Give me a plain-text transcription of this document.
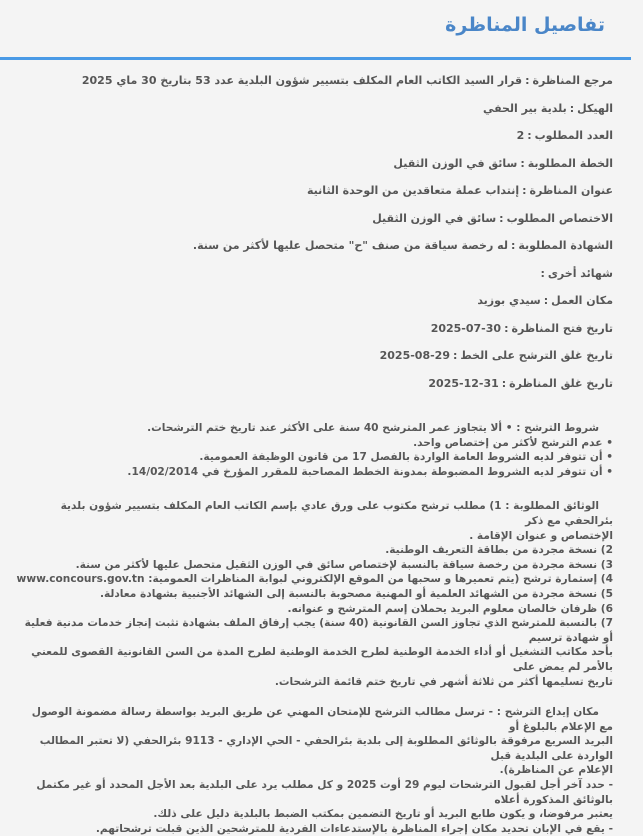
تفاصيل المناظرة

مرجع المناظرة
:
قرار السيد الكاتب العام المكلف بتسيير شؤون البلدية عدد 53 بتاريخ 30 ماي 2025

الهيكل
:
بلدية بير الحفي

العدد المطلوب
:
2

الخطة المطلوبة
:
سائق في الوزن الثقيل

عنوان المناظرة
:
إنتداب عملة متعاقدين من الوحدة الثانية

الاختصاص المطلوب
:
سائق في الوزن الثقيل

الشهادة المطلوبة
:
له رخصة سياقة من صنف "ح" متحصل عليها لأكثر من سنة.

شهائد أخرى
:

مكان العمل
:
سيدي بوزيد

تاريخ فتح المناظرة
:
2025-07-30

تاريخ غلق الترشح على الخط
:
2025-08-29

تاريخ غلق المناظرة
:
2025-12-31

شروط الترشح : • ألا يتجاوز عمر المترشح 40 سنة على الأكثر عند تاريخ ختم الترشحات.
• عدم الترشح لأكثر من إختصاص واحد.
• أن تتوفر لديه الشروط العامة الواردة بالفصل 17 من قانون الوظيفة العمومية.
• أن تتوفر لديه الشروط المضبوطة بمدونة الخطط المصاحبة للمقرر المؤرخ في 14/02/2014.
الوثائق المطلوبة : 1) مطلب ترشح مكتوب على ورق عادي بإسم الكاتب العام المكلف بتسيير شؤون بلدية بئرالحفي مع ذكر
الإختصاص و عنوان الإقامة .
2) نسخة مجردة من بطاقة التعريف الوطنية.
3) نسخة مجردة من رخصة سياقة بالنسبة لإختصاص سائق في الوزن الثقيل متحصل عليها لأكثر من سنة.
4) إستمارة ترشح (يتم تعميرها و سحبها من الموقع الإلكتروني لبوابة المناظرات العمومية: www.concours.gov.tn
5) نسخة مجردة من الشهائد العلمية أو المهنية مصحوبة بالنسبة إلى الشهائد الأجنبية بشهادة معادلة.
6) ظرفان خالصان معلوم البريد يحملان إسم المترشح و عنوانه.
7) بالنسبة للمترشح الذي تجاوز السن القانونية (40 سنة) يجب إرفاق الملف بشهادة تثبت إنجاز خدمات مدنية فعلية أو شهادة ترسيم
بأحد مكاتب التشغيل أو أداء الخدمة الوطنية لطرح الخدمة الوطنية لطرح المدة من السن القانونية القصوى للمعني بالأمر لم يمض على
تاريخ تسليمها أكثر من ثلاثة أشهر في تاريخ ختم قائمة الترشحات.
مكان إيداع الترشح : - ترسل مطالب الترشح للإمتحان المهني عن طريق البريد بواسطة رسالة مضمونة الوصول مع الإعلام بالبلوغ أو
البريد السريع مرفوقة بالوثائق المطلوبة إلى بلدية بئرالحفي - الحي الإداري - 9113 بئرالحفي (لا تعتبر المطالب الواردة على البلدية قبل
الإعلام عن المناظرة).
- حدد آخر أجل لقبول الترشحات ليوم 29 أوت 2025 و كل مطلب يرد على البلدية بعد الأجل المحدد أو غير مكتمل بالوثائق المذكورة أعلاه
يعتبر مرفوضا، و يكون طابع البريد أو تاريخ التضمين بمكتب الضبط بالبلدية دليل على ذلك.
- يقع في الإبان تحديد مكان إجراء المناظرة بالإستدعاءات الفردية للمترشحين الذين قبلت ترشحاتهم.
